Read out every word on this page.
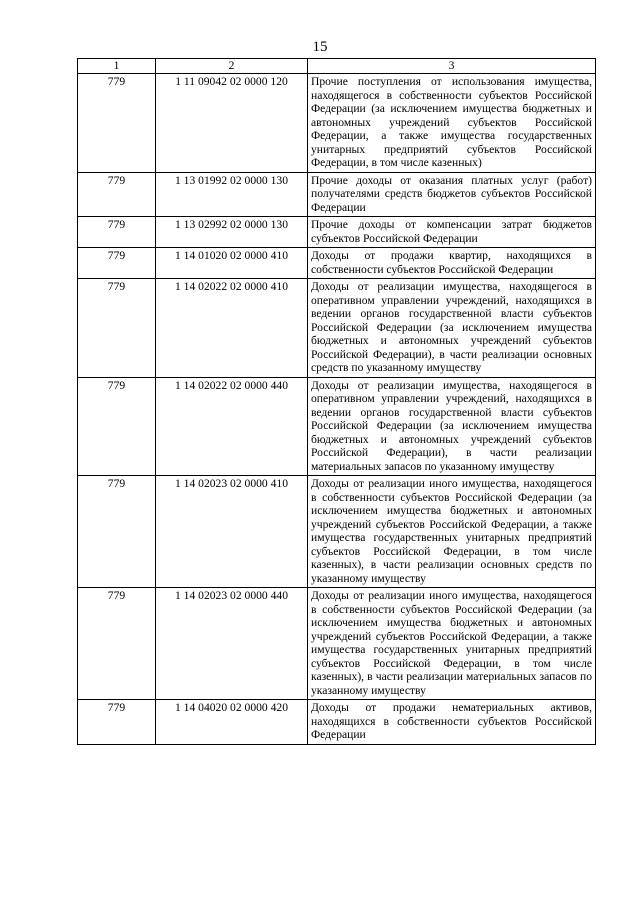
15
1	2	3
779	1 11 09042 02 0000 120	Прочие поступления от использования имущества, находящегося в собственности субъектов Российской Федерации (за исключением имущества бюджетных и автономных учреждений субъектов Российской Федерации, а также имущества государственных унитарных предприятий субъектов Российской Федерации, в том числе казенных)
779	1 13 01992 02 0000 130	Прочие доходы от оказания платных услуг (работ) получателями средств бюджетов субъектов Российской Федерации
779	1 13 02992 02 0000 130	Прочие доходы от компенсации затрат бюджетов субъектов Российской Федерации
779	1 14 01020 02 0000 410	Доходы от продажи квартир, находящихся в собственности субъектов Российской Федерации
779	1 14 02022 02 0000 410	Доходы от реализации имущества, находящегося в оперативном управлении учреждений, находящихся в ведении органов государственной власти субъектов Российской Федерации (за исключением имущества бюджетных и автономных учреждений субъектов Российской Федерации), в части реализации основных средств по указанному имуществу
779	1 14 02022 02 0000 440	Доходы от реализации имущества, находящегося в оперативном управлении учреждений, находящихся в ведении органов государственной власти субъектов Российской Федерации (за исключением имущества бюджетных и автономных учреждений субъектов Российской Федерации), в части реализации материальных запасов по указанному имуществу
779	1 14 02023 02 0000 410	Доходы от реализации иного имущества, находящегося в собственности субъектов Российской Федерации (за исключением имущества бюджетных и автономных учреждений субъектов Российской Федерации, а также имущества государственных унитарных предприятий субъектов Российской Федерации, в том числе казенных), в части реализации основных средств по указанному имуществу
779	1 14 02023 02 0000 440	Доходы от реализации иного имущества, находящегося в собственности субъектов Российской Федерации (за исключением имущества бюджетных и автономных учреждений субъектов Российской Федерации, а также имущества государственных унитарных предприятий субъектов Российской Федерации, в том числе казенных), в части реализации материальных запасов по указанному имуществу
779	1 14 04020 02 0000 420	Доходы от продажи нематериальных активов, находящихся в собственности субъектов Российской Федерации
